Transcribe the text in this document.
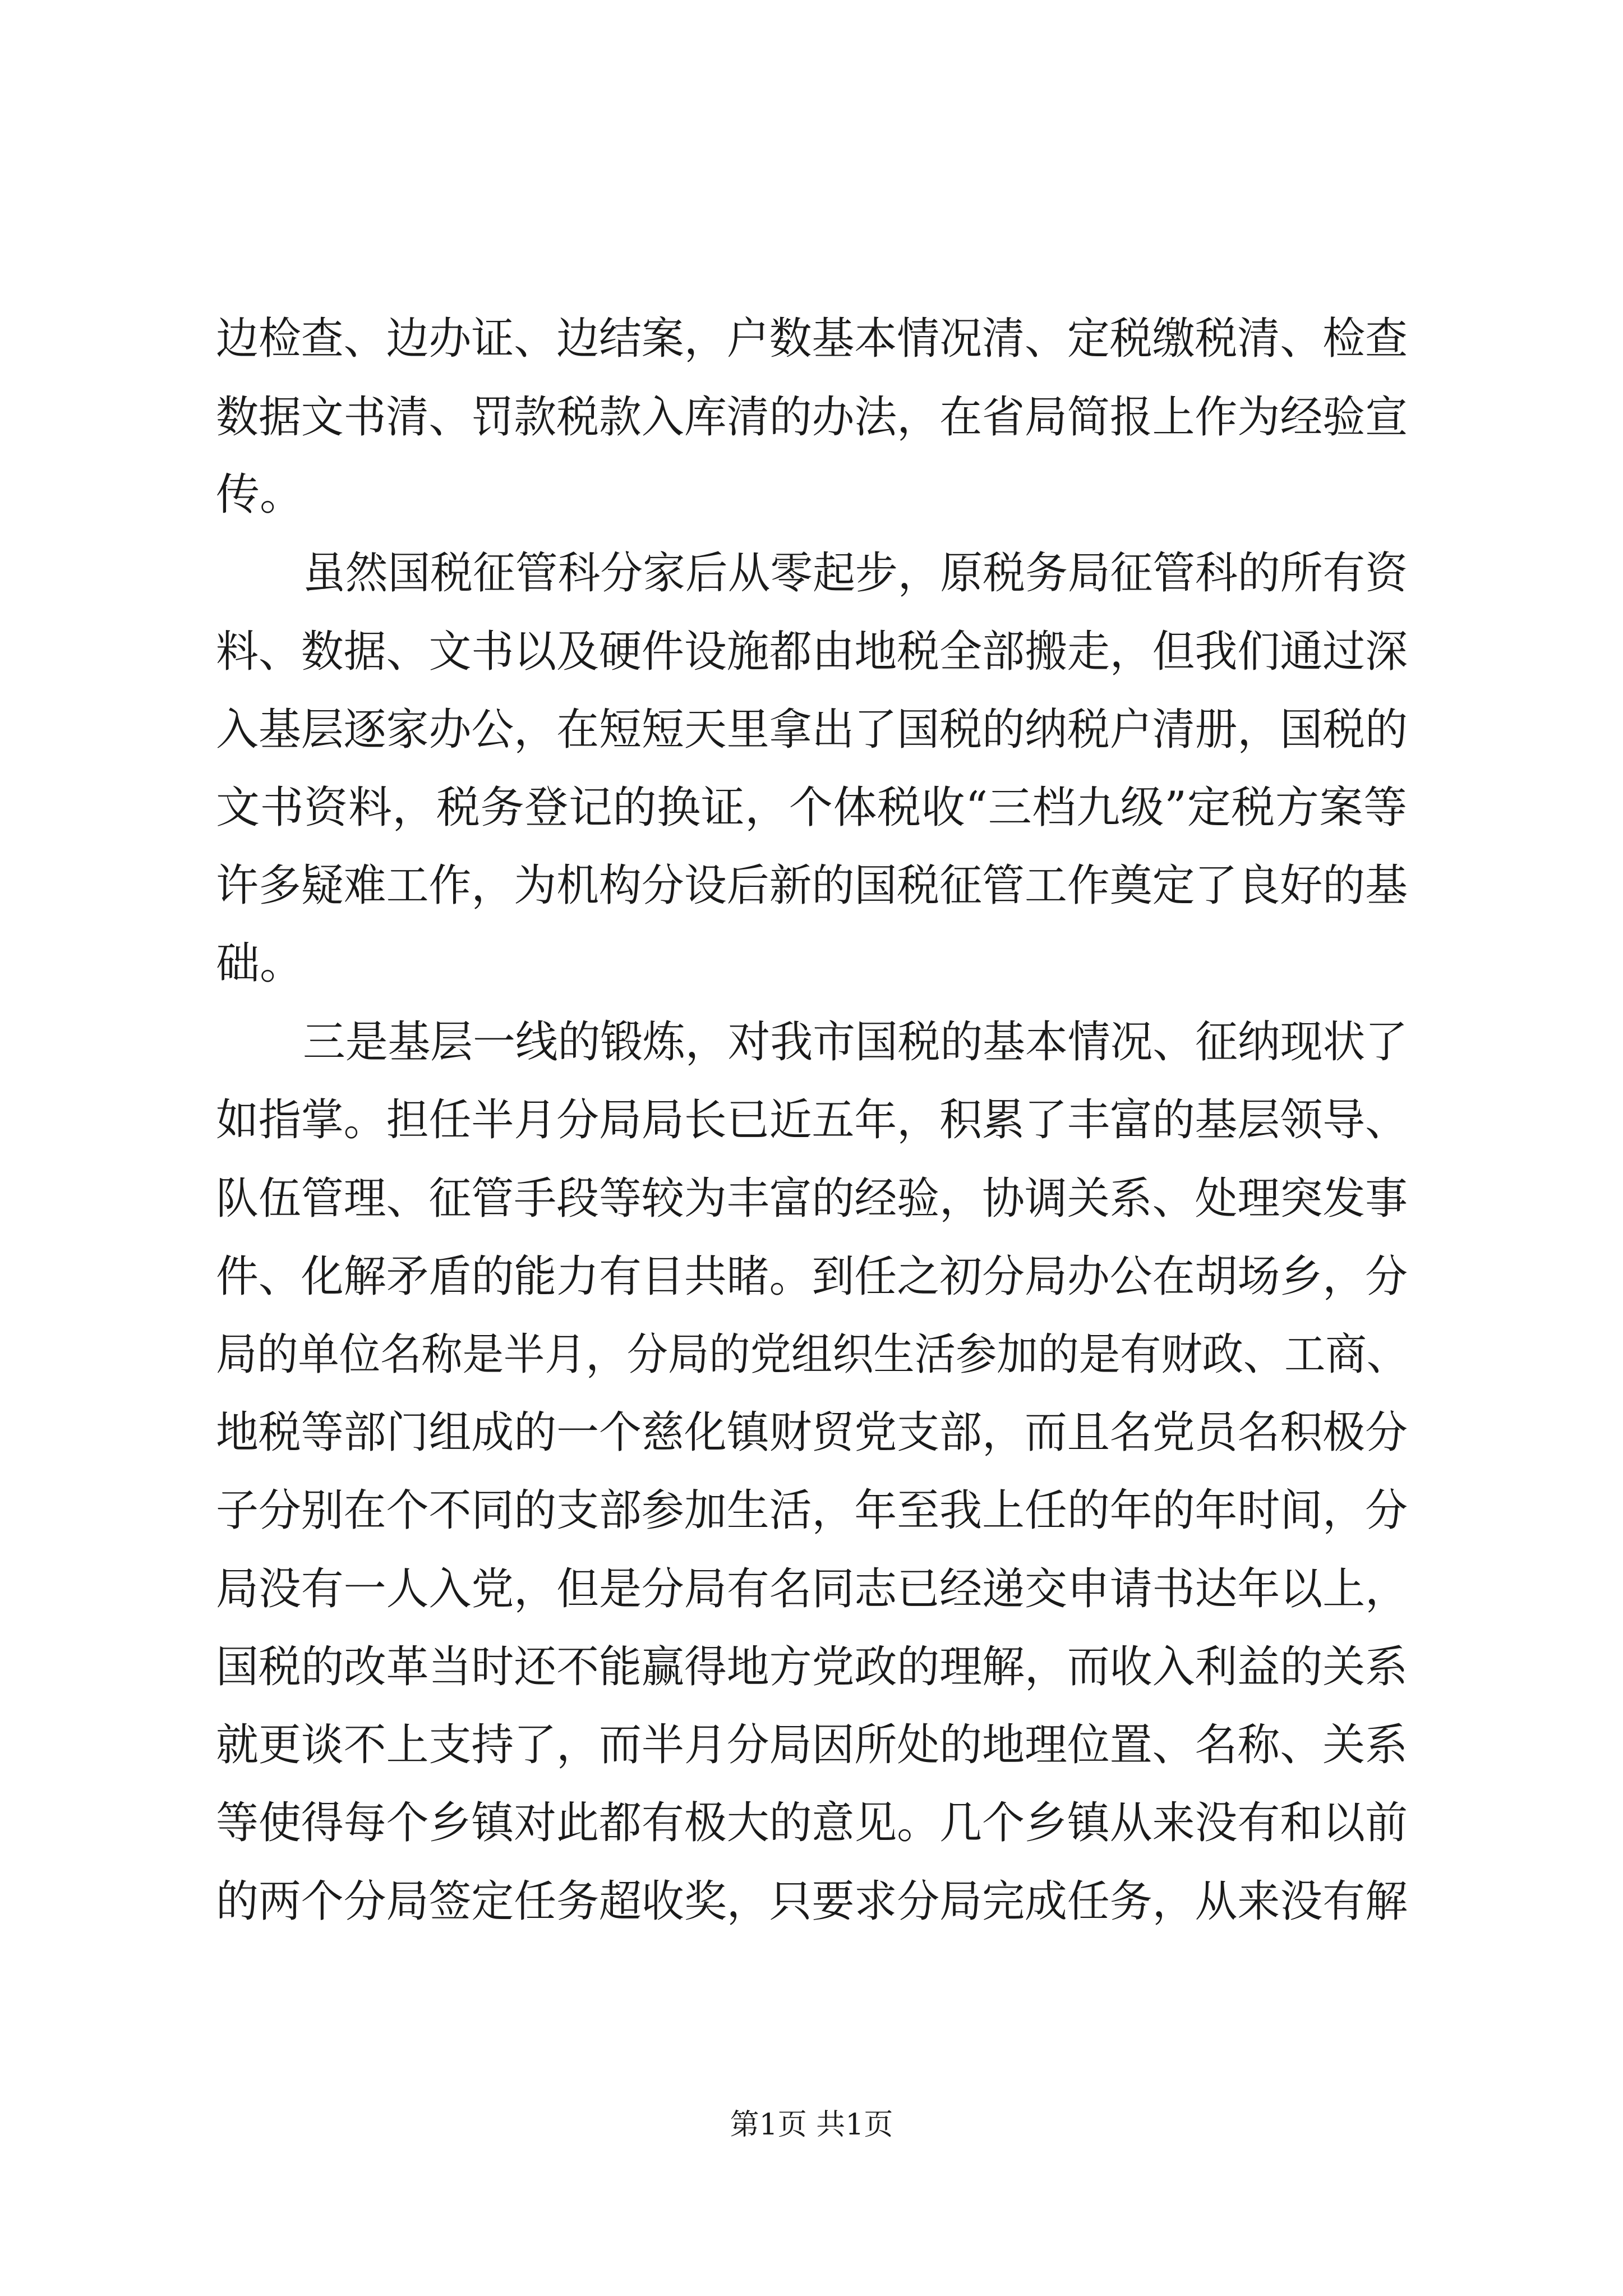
边检查、边办证、边结案，户数基本情况清、定税缴税清、检查
数据文书清、罚款税款入库清的办法，在省局简报上作为经验宣
传。
虽然国税征管科分家后从零起步，原税务局征管科的所有资
料、数据、文书以及硬件设施都由地税全部搬走，但我们通过深
入基层逐家办公，在短短天里拿出了国税的纳税户清册，国税的
文书资料，税务登记的换证，个体税收“三档九级”定税方案等
许多疑难工作，为机构分设后新的国税征管工作奠定了良好的基
础。
三是基层一线的锻炼，对我市国税的基本情况、征纳现状了
如指掌。担任半月分局局长已近五年，积累了丰富的基层领导、
队伍管理、征管手段等较为丰富的经验，协调关系、处理突发事
件、化解矛盾的能力有目共睹。到任之初分局办公在胡场乡，分
局的单位名称是半月，分局的党组织生活参加的是有财政、工商、
地税等部门组成的一个慈化镇财贸党支部，而且名党员名积极分
子分别在个不同的支部参加生活，年至我上任的年的年时间，分
局没有一人入党，但是分局有名同志已经递交申请书达年以上，
国税的改革当时还不能赢得地方党政的理解，而收入利益的关系
就更谈不上支持了，而半月分局因所处的地理位置、名称、关系
等使得每个乡镇对此都有极大的意见。几个乡镇从来没有和以前
的两个分局签定任务超收奖，只要求分局完成任务，从来没有解
第1页 共1页
